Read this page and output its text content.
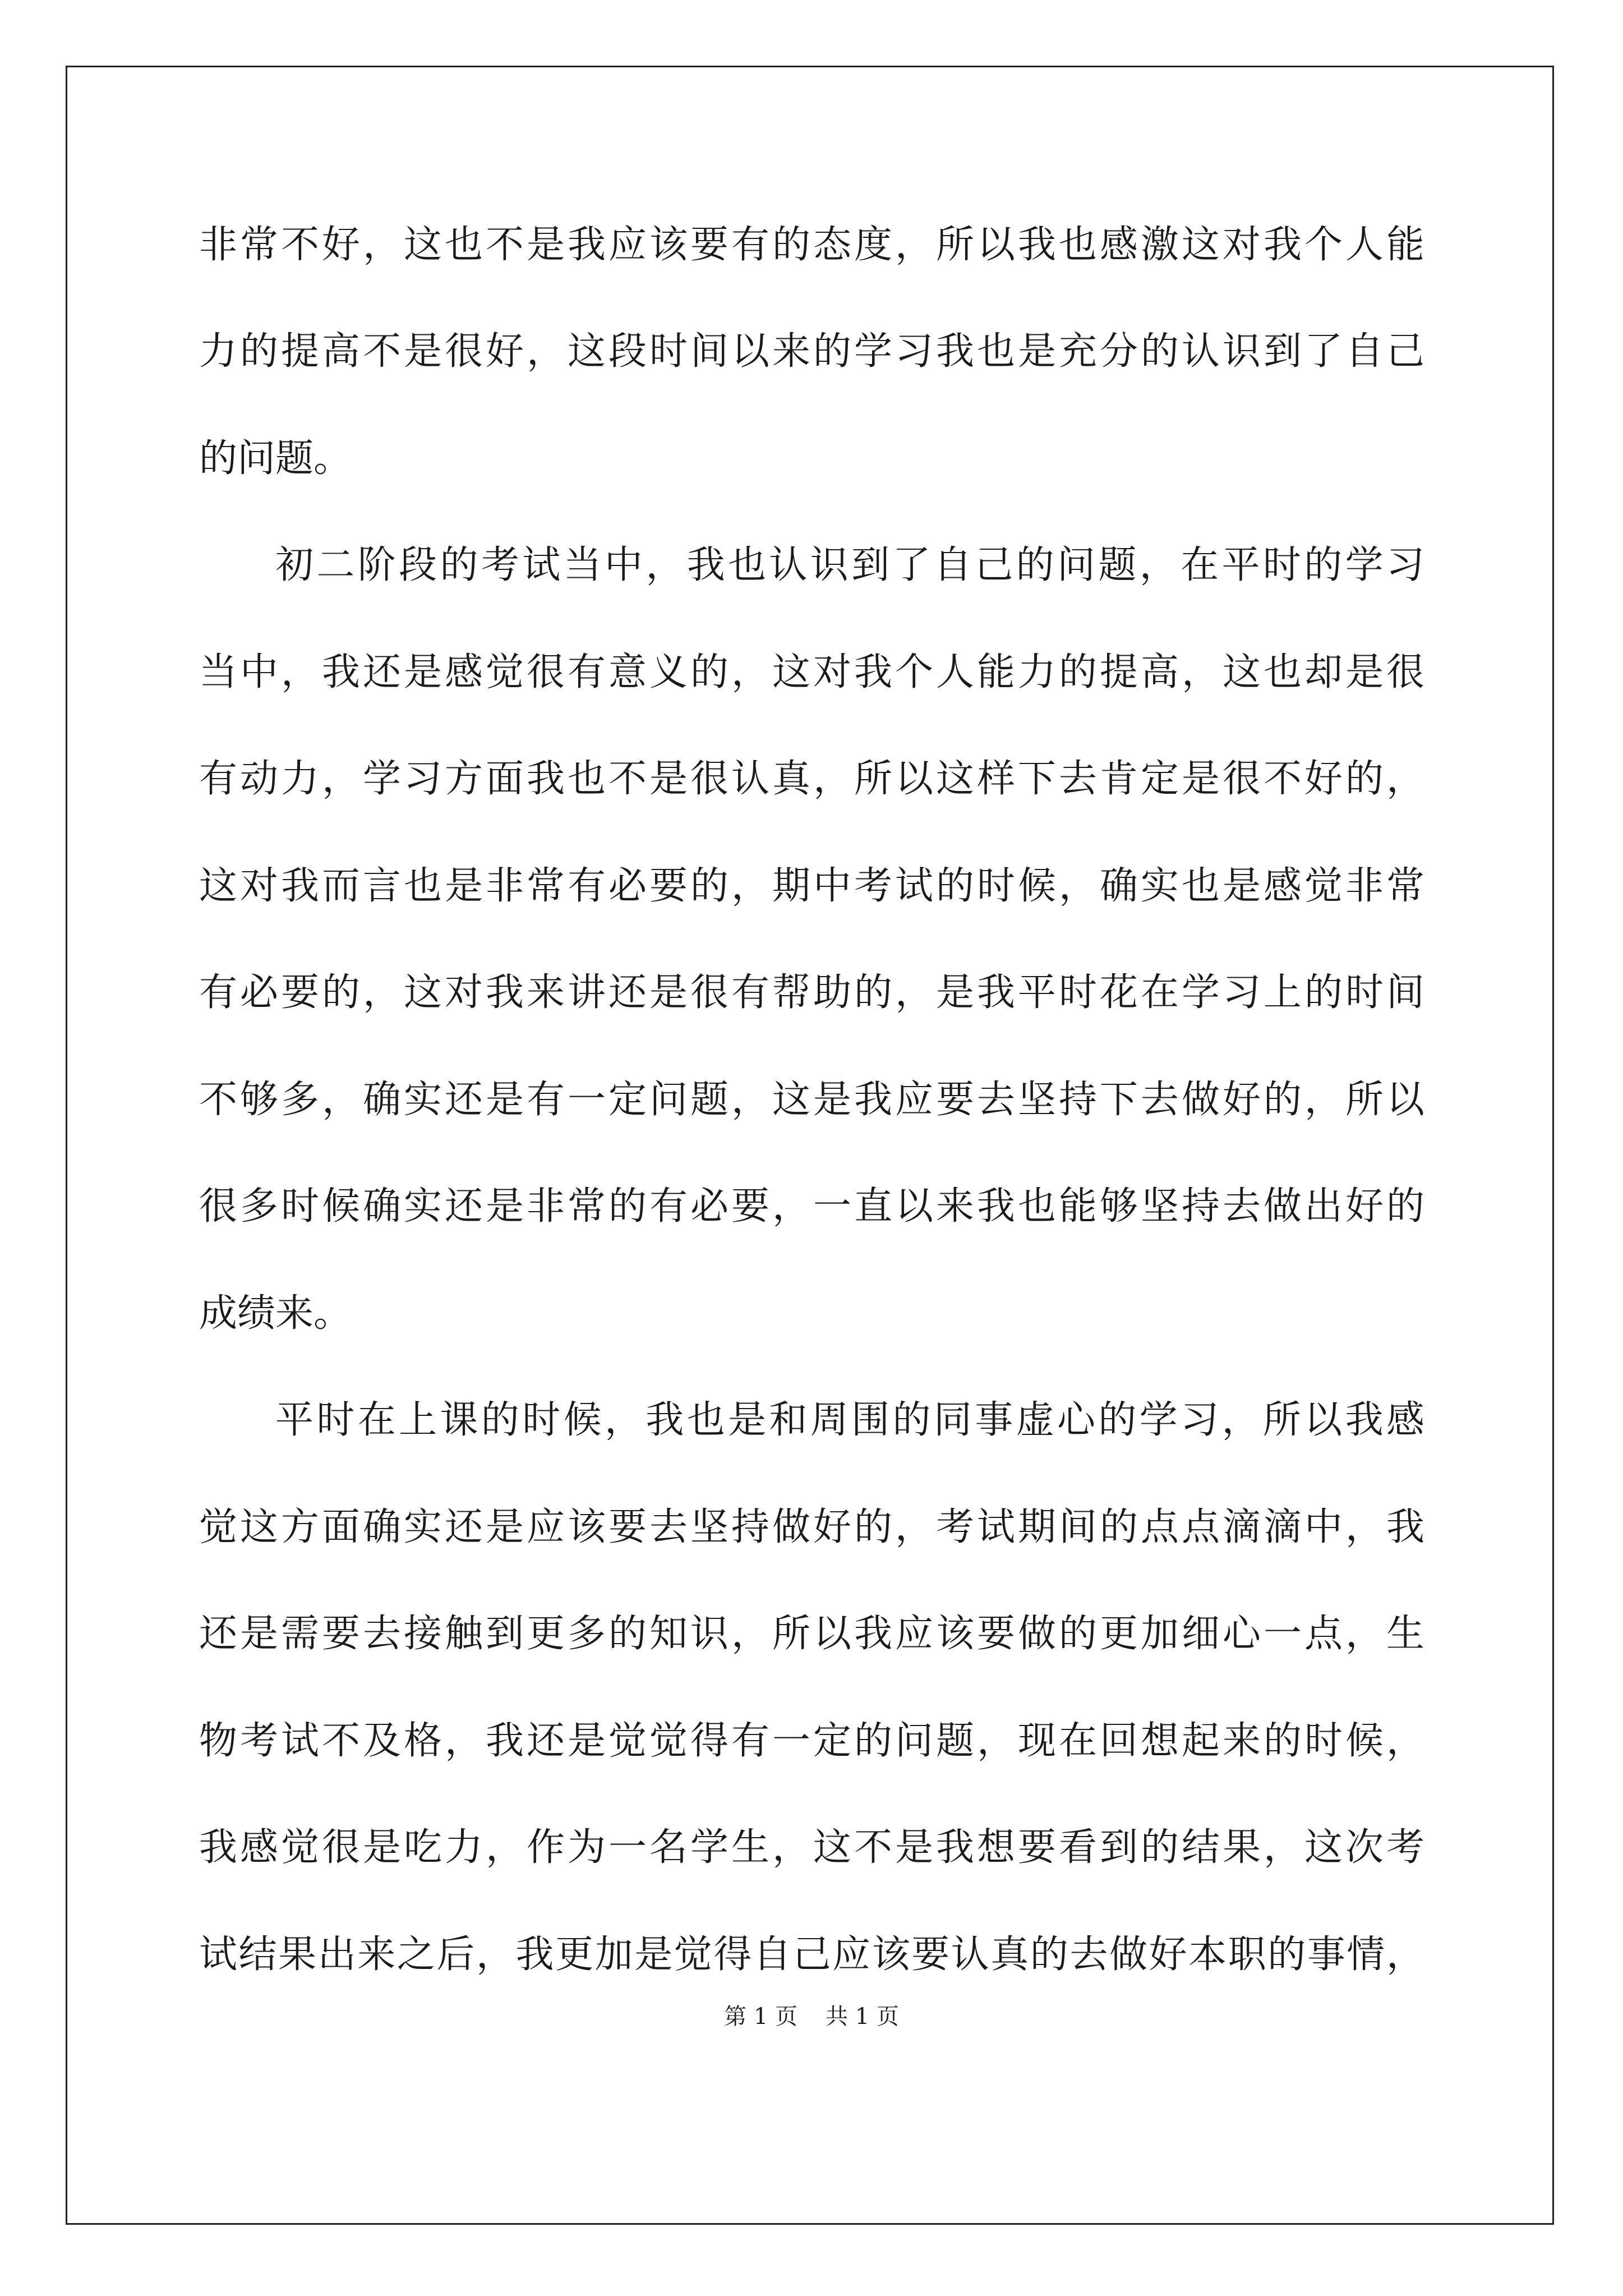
非常不好，这也不是我应该要有的态度，所以我也感激这对我个人能
力的提高不是很好，这段时间以来的学习我也是充分的认识到了自己
的问题。
初二阶段的考试当中，我也认识到了自己的问题，在平时的学习
当中，我还是感觉很有意义的，这对我个人能力的提高，这也却是很
有动力，学习方面我也不是很认真，所以这样下去肯定是很不好的，
这对我而言也是非常有必要的，期中考试的时候，确实也是感觉非常
有必要的，这对我来讲还是很有帮助的，是我平时花在学习上的时间
不够多，确实还是有一定问题，这是我应要去坚持下去做好的，所以
很多时候确实还是非常的有必要，一直以来我也能够坚持去做出好的
成绩来。
平时在上课的时候，我也是和周围的同事虚心的学习，所以我感
觉这方面确实还是应该要去坚持做好的，考试期间的点点滴滴中，我
还是需要去接触到更多的知识，所以我应该要做的更加细心一点，生
物考试不及格，我还是觉觉得有一定的问题，现在回想起来的时候，
我感觉很是吃力，作为一名学生，这不是我想要看到的结果，这次考
试结果出来之后，我更加是觉得自己应该要认真的去做好本职的事情，
第 1 页 共 1 页
